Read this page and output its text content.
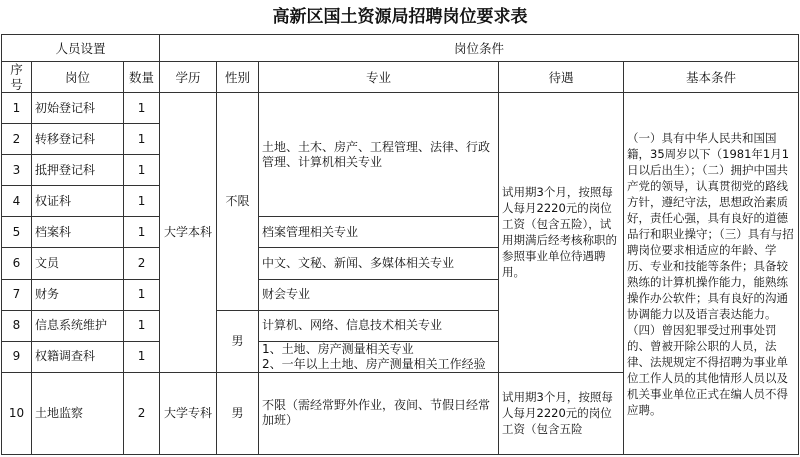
高新区国土资源局招聘岗位要求表
人员设置			岗位条件				
序号	岗位	数量	学历	性别	专业	待遇	基本条件
1	初始登记科	1	大学本科	不限	土地、土木、房产、工程管理、法律、行政管理、计算机相关专业	试用期3个月，按照每人每月2220元的岗位工资（包含五险），试用期满后经考核称职的参照事业单位待遇聘用。	（一）具有中华人民共和国国籍，35周岁以下（1981年1月1日以后出生）；（二）拥护中国共产党的领导，认真贯彻党的路线方针，遵纪守法，思想政治素质好，责任心强，具有良好的道德品行和职业操守；（三）具有与招聘岗位要求相适应的年龄、学历、专业和技能等条件；具备较熟练的计算机操作能力，能熟练操作办公软件；具有良好的沟通协调能力以及语言表达能力。（四）曾因犯罪受过刑事处罚的、曾被开除公职的人员，法律、法规规定不得招聘为事业单位工作人员的其他情形人员以及机关事业单位正式在编人员不得应聘。
2	转移登记科	1					
3	抵押登记科	1					
4	权证科	1					
5	档案科	1			档案管理相关专业		
6	文员	2			中文、文秘、新闻、多媒体相关专业		
7	财务	1			财会专业		
8	信息系统维护	1		男	计算机、网络、信息技术相关专业		
9	权籍调查科	1			1、土地、房产测量相关专业
2、一年以上土地、房产测量相关工作经验		

10	土地监察	2	大学专科	男	不限（需经常野外作业，夜间、节假日经常加班）	试用期3个月，按照每人每月2220元的岗位工资（包含五险	
